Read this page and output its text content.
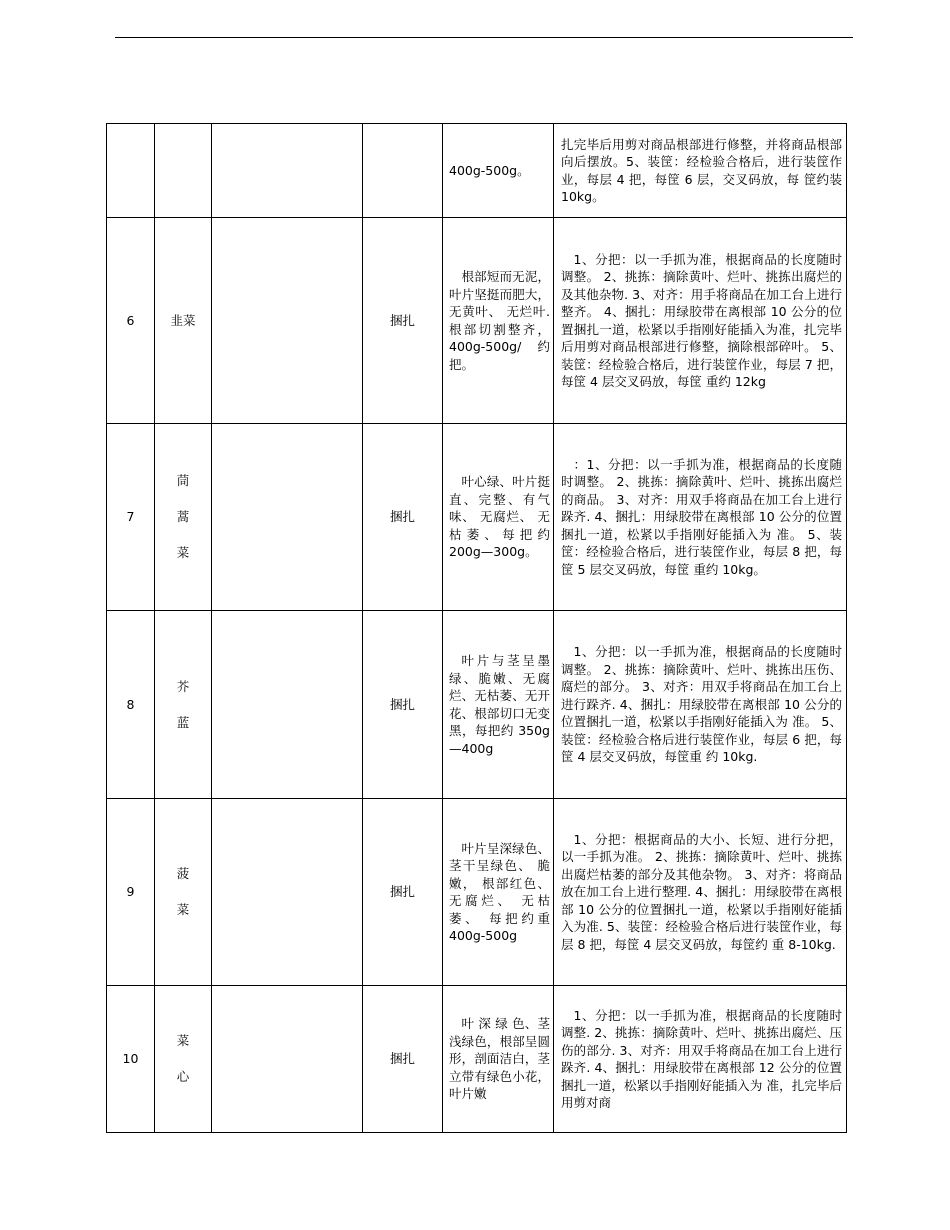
				400g-500g。	扎完毕后用剪对商品根部进行修整，并将商品根部向后摆放。5、装筐：经检验合格后，进行装筐作业，每层 4 把，每筐 6 层，交叉码放，每 筐约装 10kg。
6	韭菜		捆扎	根部短而无泥， 叶片坚挺而肥大， 无黄叶、 无烂叶. 根部切割整齐， 400g-500g/约 把。	1、分把：以一手抓为准，根据商品的长度随时调整。 2、挑拣：摘除黄叶、烂叶、挑拣出腐烂的及其他杂物. 3、对齐：用手将商品在加工台上进行整齐。 4、捆扎：用绿胶带在离根部 10 公分的位置捆扎一道，松紧以手指刚好能插入为准，扎完毕后用剪对商品根部进行修整，摘除根部碎叶。 5、装筐：经检验合格后，进行装筐作业，每层 7 把，每筐 4 层交叉码放，每筐 重约 12kg
7	茼蒿菜		捆扎	叶心绿、叶片挺直、完整、有气味、 无腐烂、 无枯萎、每把约 200g—300g。	：1、分把：以一手抓为准，根据商品的长度随时调整。 2、挑拣：摘除黄叶、烂叶、挑拣出腐烂的商品。 3、对齐：用双手将商品在加工台上进行跺齐. 4、捆扎：用绿胶带在离根部 10 公分的位置捆扎一道，松紧以手指刚好能插入为 准。 5、装筐：经检验合格后，进行装筐作业，每层 8 把，每筐 5 层交叉码放，每筐 重约 10kg。
8	芥蓝		捆扎	叶片与茎呈墨绿、脆嫩、无腐烂、无枯萎、无开花、根部切口无变黑，每把约 350g—400g	1、分把：以一手抓为准，根据商品的长度随时调整。 2、挑拣：摘除黄叶、烂叶、挑拣出压伤、腐烂的部分。 3、对齐：用双手将商品在加工台上进行跺齐. 4、捆扎：用绿胶带在离根部 10 公分的位置捆扎一道，松紧以手指刚好能插入为 准。 5、装筐：经检验合格后进行装筐作业，每层 6 把，每筐 4 层交叉码放，每筐重 约 10kg.
9	菠菜		捆扎	叶片呈深绿色、 茎干呈绿色、 脆嫩， 根部红色、 无腐烂、 无枯萎、 每把约重 400g-500g	1、分把：根据商品的大小、长短、进行分把，以一手抓为准。 2、挑拣：摘除黄叶、烂叶、挑拣出腐烂枯萎的部分及其他杂物。 3、对齐：将商品放在加工台上进行整理. 4、捆扎：用绿胶带在离根部 10 公分的位置捆扎一道，松紧以手指刚好能插入为准. 5、装筐：经检验合格后进行装筐作业，每层 8 把，每筐 4 层交叉码放，每筐约 重 8-10kg.
10	菜心		捆扎	叶 深 绿 色、茎浅绿色，根部呈圆形，剖面洁白，茎立带有绿色小花， 叶片嫩	1、分把：以一手抓为准，根据商品的长度随时调整. 2、挑拣：摘除黄叶、烂叶、挑拣出腐烂、压伤的部分. 3、对齐：用双手将商品在加工台上进行跺齐. 4、捆扎：用绿胶带在离根部 12 公分的位置捆扎一道，松紧以手指刚好能插入为 准，扎完毕后用剪对商
